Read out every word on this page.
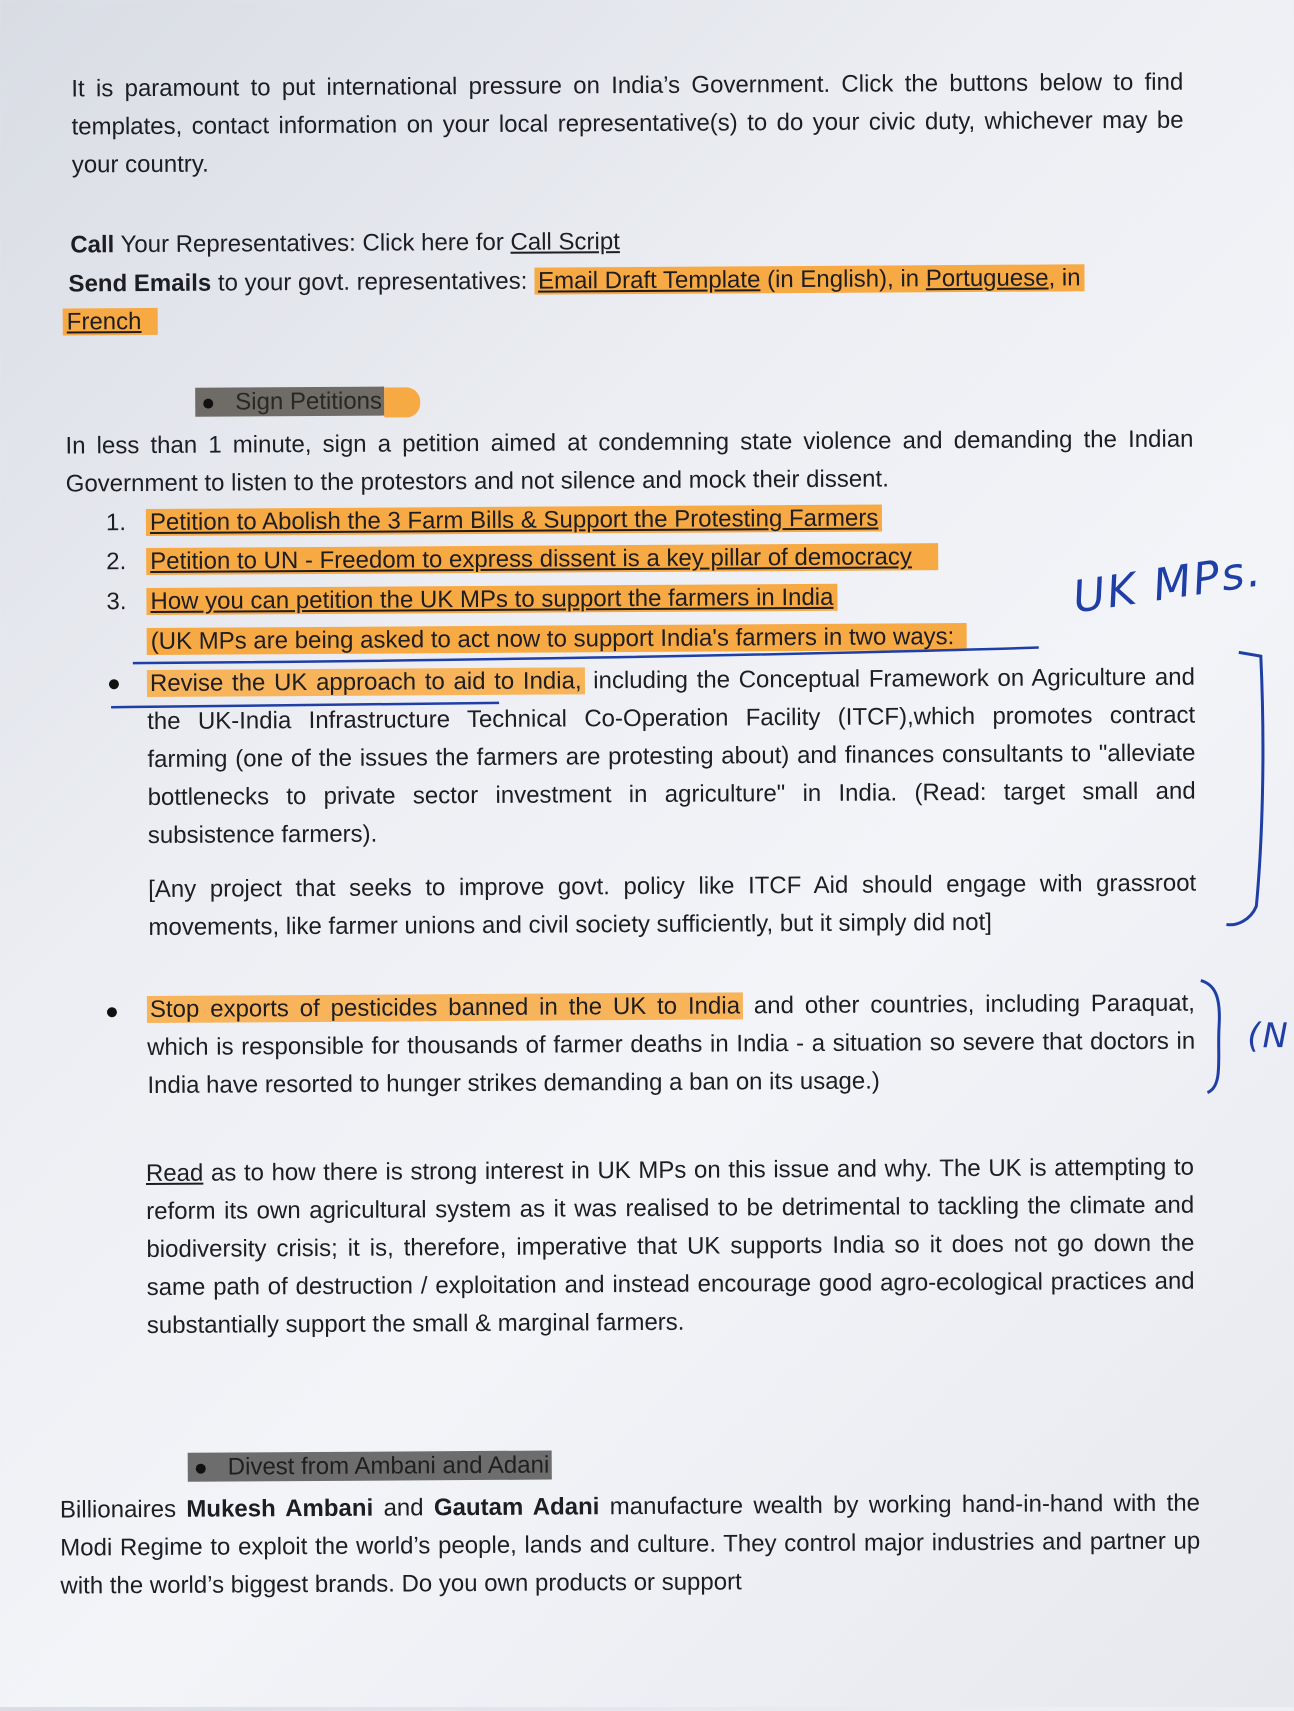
It is paramount to put international pressure on India’s Government. Click the buttons below to find templates, contact information on your local representative(s) to do your civic duty, whichever may be your country.
Call Your Representatives: Click here for Call Script
Send Emails to your govt. representatives: Email Draft Template (in English), in Portuguese, in
French
Sign Petitions
In less than 1 minute, sign a petition aimed at condemning state violence and demanding the Indian Government to listen to the protestors and not silence and mock their dissent.
1. Petition to Abolish the 3 Farm Bills & Support the Protesting Farmers
2. Petition to UN - Freedom to express dissent is a key pillar of democracy
3. How you can petition the UK MPs to support the farmers in India
(UK MPs are being asked to act now to support India's farmers in two ways:
Revise the UK approach to aid to India, including the Conceptual Framework on Agriculture and the UK-India Infrastructure Technical Co-Operation Facility (ITCF),which promotes contract farming (one of the issues the farmers are protesting about) and finances consultants to "alleviate bottlenecks to private sector investment in agriculture" in India. (Read: target small and subsistence farmers).
[Any project that seeks to improve govt. policy like ITCF Aid should engage with grassroot movements, like farmer unions and civil society sufficiently, but it simply did not]
Stop exports of pesticides banned in the UK to India and other countries, including Paraquat, which is responsible for thousands of farmer deaths in India - a situation so severe that doctors in India have resorted to hunger strikes demanding a ban on its usage.)
Read as to how there is strong interest in UK MPs on this issue and why. The UK is attempting to reform its own agricultural system as it was realised to be detrimental to tackling the climate and biodiversity crisis; it is, therefore, imperative that UK supports India so it does not go down the same path of destruction / exploitation and instead encourage good agro-ecological practices and substantially support the small & marginal farmers.
Divest from Ambani and Adani
Billionaires Mukesh Ambani and Gautam Adani manufacture wealth by working hand-in-hand with the Modi Regime to exploit the world’s people, lands and culture. They control major industries and partner up with the world’s biggest brands. Do you own products or support
UK MPs.
(N
